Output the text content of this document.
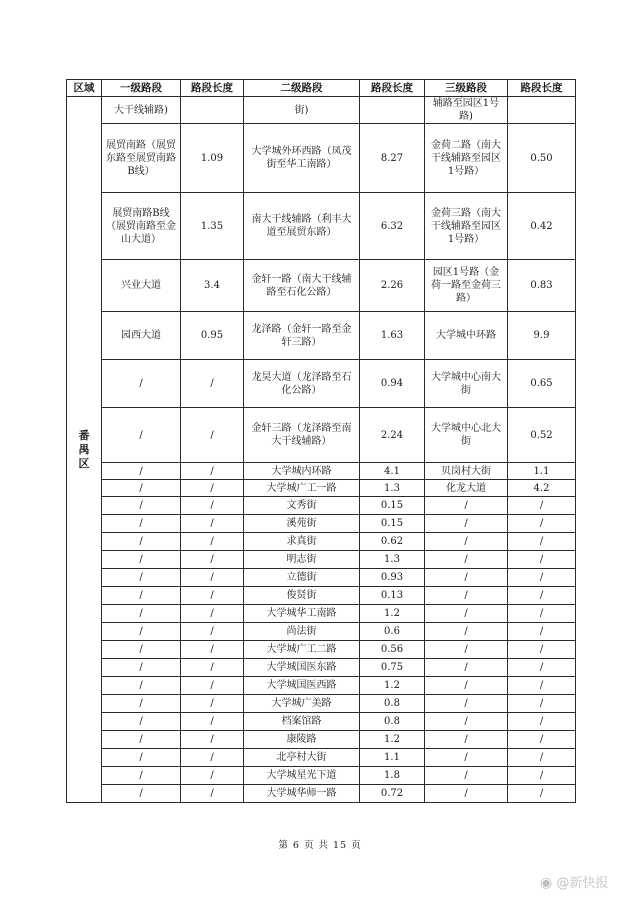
区域	一级路段	路段长度	二级路段	路段长度	三级路段	路段长度

番
禺
区	大干线辅路)		街)		辅路至园区1号路)	
	展贸南路（展贸东路至展贸南路B线）	1.09	大学城外环西路（凤茂街至华工南路）	8.27	金荷二路（南大干线辅路至园区1号路）	0.50
	展贸南路B线（展贸南路至金山大道）	1.35	南大干线辅路（利丰大道至展贸东路）	6.32	金荷三路（南大干线辅路至园区1号路）	0.42
	兴业大道	3.4	金轩一路（南大干线辅路至石化公路）	2.26	园区1号路（金荷一路至金荷三路）	0.83
	园西大道	0.95	龙泽路（金轩一路至金轩三路）	1.63	大学城中环路	9.9
	/	/	龙昊大道（龙泽路至石化公路）	0.94	大学城中心南大街	0.65
	/	/	金轩三路（龙泽路至南大干线辅路）	2.24	大学城中心北大街	0.52
	/	/	大学城内环路	4.1	贝岗村大街	1.1
	/	/	大学城广工一路	1.3	化龙大道	4.2
	/	/	文秀街	0.15	/	/
	/	/	溪苑街	0.15	/	/
	/	/	求真街	0.62	/	/
	/	/	明志街	1.3	/	/
	/	/	立德街	0.93	/	/
	/	/	俊贤街	0.13	/	/
	/	/	大学城华工南路	1.2	/	/
	/	/	尚法街	0.6	/	/
	/	/	大学城广工二路	0.56	/	/
	/	/	大学城国医东路	0.75	/	/
	/	/	大学城国医西路	1.2	/	/
	/	/	大学城广美路	0.8	/	/
	/	/	档案馆路	0.8	/	/
	/	/	康陵路	1.2	/	/
	/	/	北亭村大街	1.1	/	/
	/	/	大学城星光下道	1.8	/	/
	/	/	大学城华师一路	0.72	/	/
第 6 页 共 15 页
◉ @新快报
